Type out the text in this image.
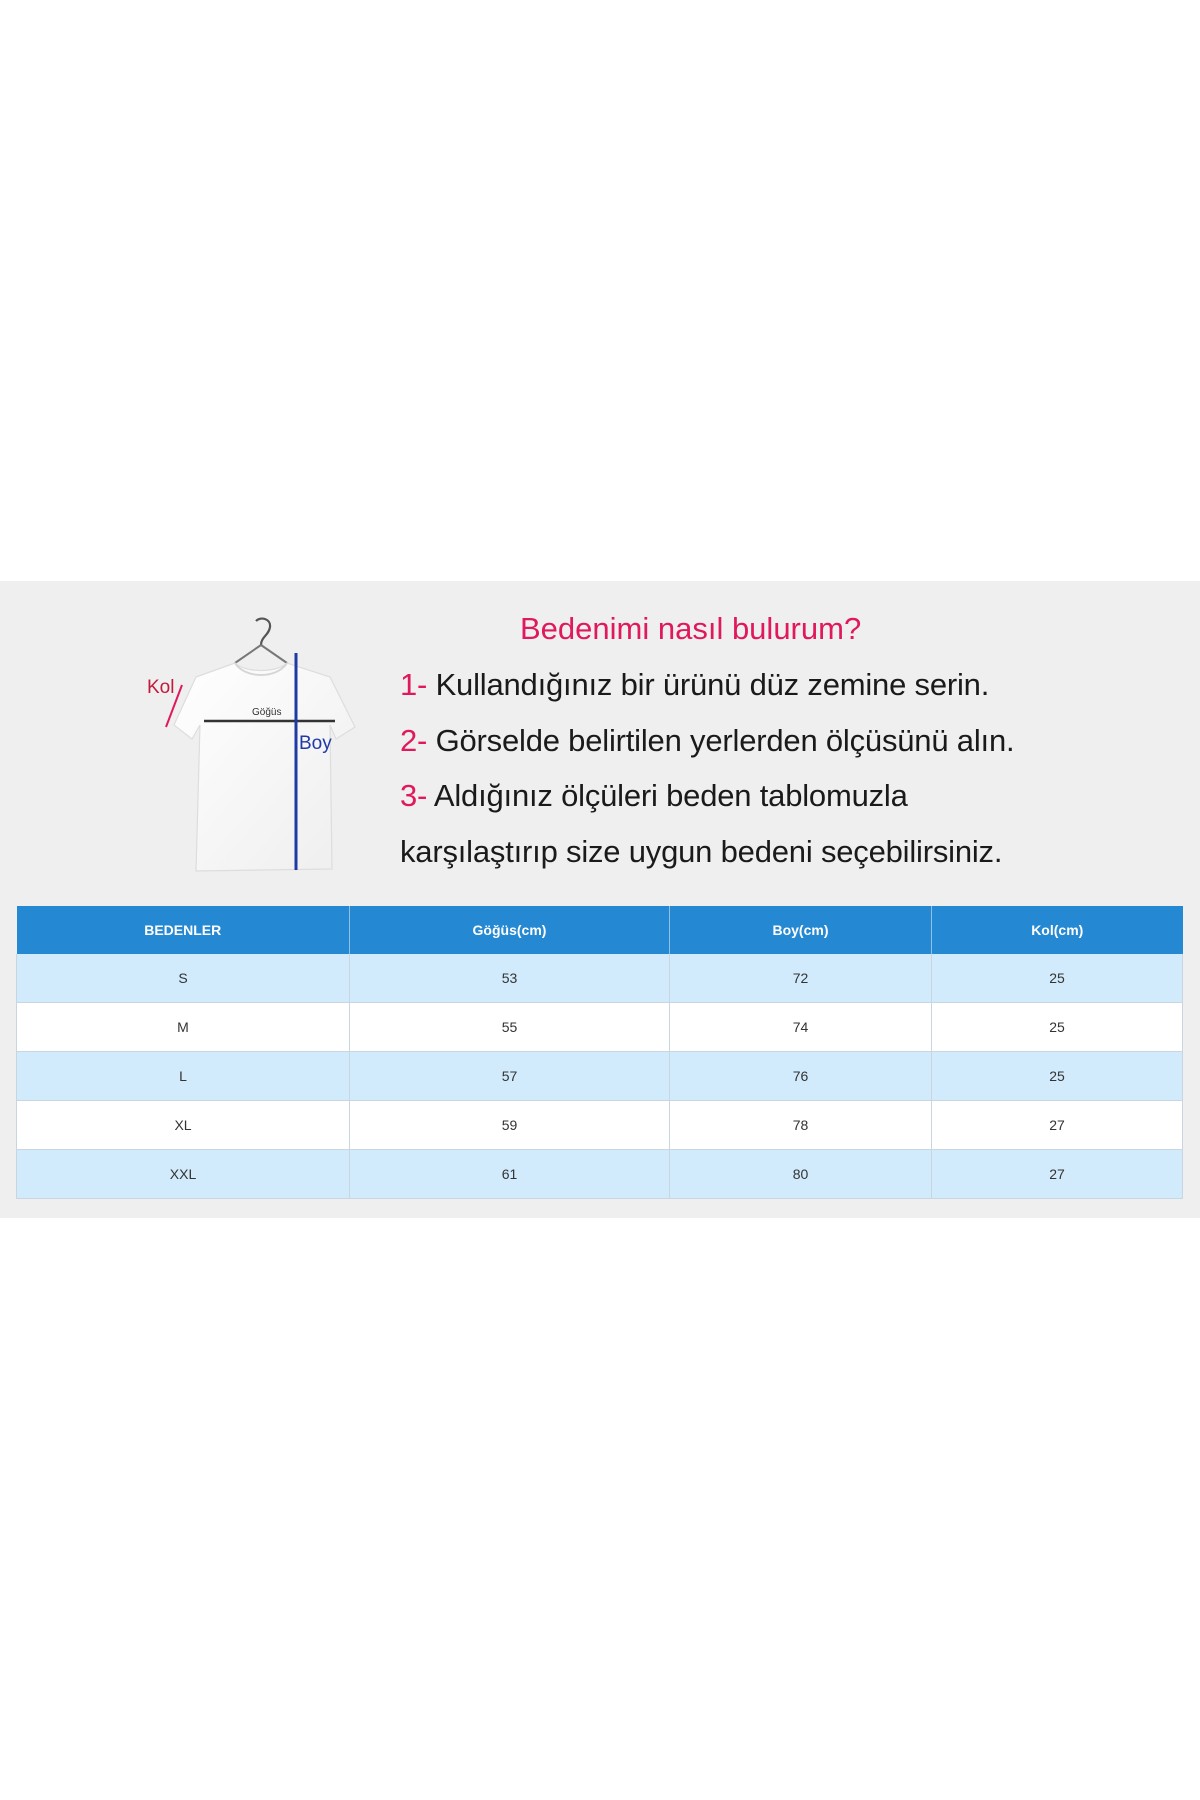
Kol
Göğüs
Boy
Bedenimi nasıl bulurum?
1- Kullandığınız bir ürünü düz zemine serin.
2- Görselde belirtilen yerlerden ölçüsünü alın.
3- Aldığınız ölçüleri beden tablomuzla
karşılaştırıp size uygun bedeni seçebilirsiniz.
BEDENLER	Göğüs(cm)	Boy(cm)	Kol(cm)
S	53	72	25
M	55	74	25
L	57	76	25
XL	59	78	27
XXL	61	80	27
